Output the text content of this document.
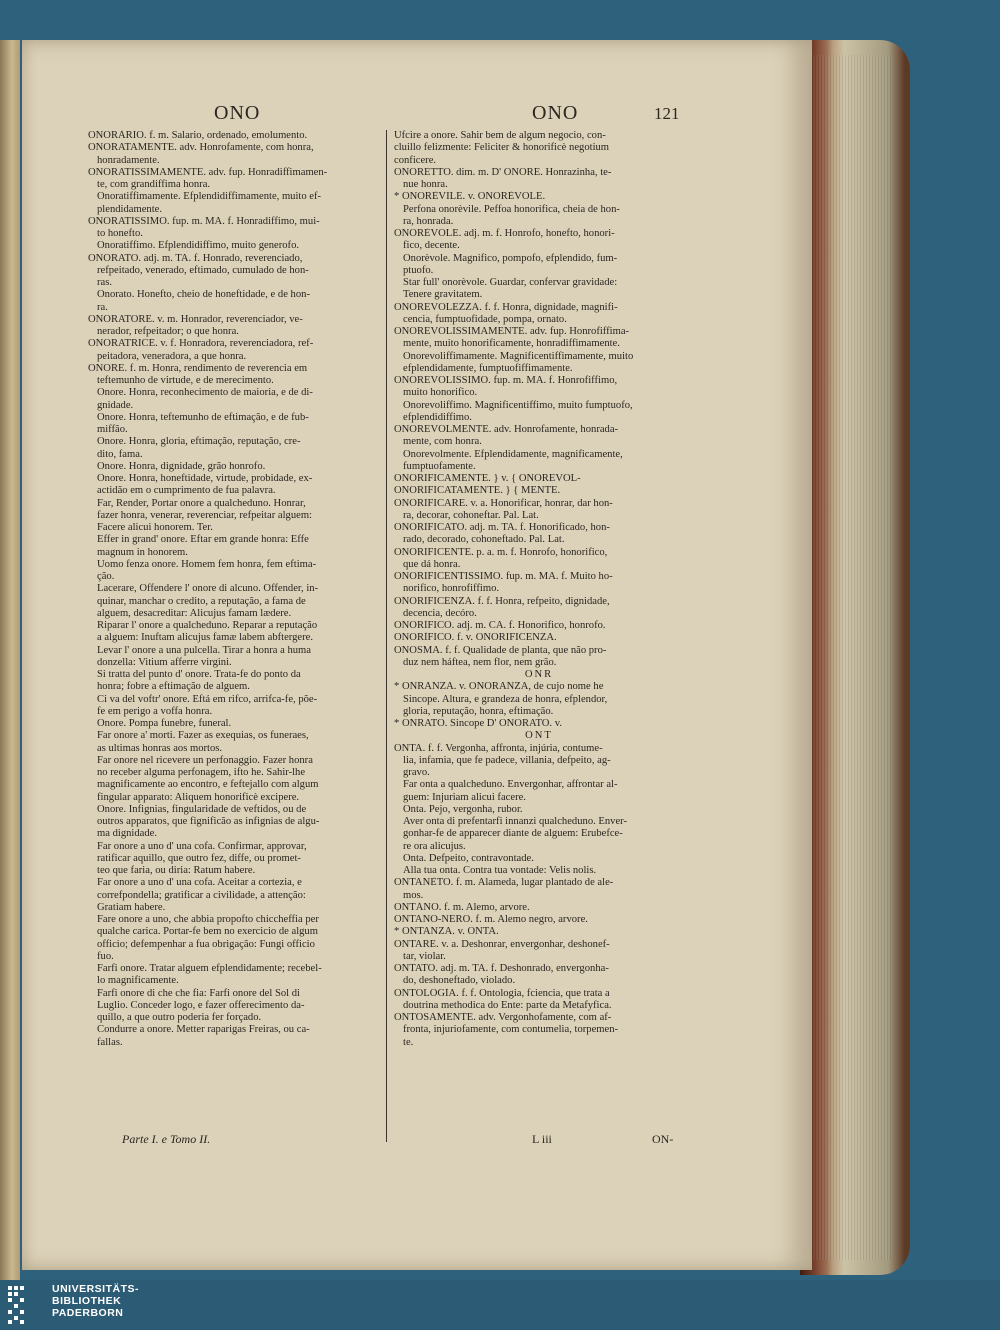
ONO	ONO	121
ONORÀRIO. f. m. Salario, ordenado, emolumento.
ONORATAMENTE. adv. Honrofamente, com honra,
honradamente.
ONORATISSIMAMENTE. adv. fup. Honradiffimamen-
te, com grandiffima honra.
Onoratiffimamente. Efplendidiffimamente, muito ef-
plendidamente.
ONORATISSIMO. fup. m. MA. f. Honradiffimo, mui-
to honefto.
Onoratiffimo. Efplendidiffimo, muito generofo.
ONORATO. adj. m. TA. f. Honrado, reverenciado,
refpeitado, venerado, eftimado, cumulado de hon-
ras.
Onorato. Honefto, cheio de honeftidade, e de hon-
ra.
ONORATORE. v. m. Honrador, reverenciador, ve-
nerador, refpeitador; o que honra.
ONORATRICE. v. f. Honradora, reverenciadora, ref-
peitadora, veneradora, a que honra.
ONORE. f. m. Honra, rendimento de reverencia em
teftemunho de virtude, e de merecimento.
Onore. Honra, reconhecimento de maioria, e de di-
gnidade.
Onore. Honra, teftemunho de eftimação, e de fub-
miffão.
Onore. Honra, gloria, eftimação, reputação, cre-
dito, fama.
Onore. Honra, dignidade, grão honrofo.
Onore. Honra, honeftidade, virtude, probidade, ex-
actidão em o cumprimento de fua palavra.
Far, Render, Portar onore a qualcheduno. Honrar,
fazer honra, venerar, reverenciar, refpeitar alguem:
Facere alicui honorem. Ter.
Effer in grand' onore. Eftar em grande honra: Effe
magnum in honorem.
Uomo fenza onore. Homem fem honra, fem eftima-
ção.
Lacerare, Offendere l' onore di alcuno. Offender, in-
quinar, manchar o credito, a reputação, a fama de
alguem, desacreditar: Alicujus famam lædere.
Riparar l' onore a qualcheduno. Reparar a reputação
a alguem: Inuftam alicujus famæ labem abftergere.
Levar l' onore a una pulcella. Tirar a honra a huma
donzella: Vitium afferre virgini.
Si tratta del punto d' onore. Trata-fe do ponto da
honra; fobre a eftimação de alguem.
Ci va del voftr' onore. Eftá em rifco, arrifca-fe, põe-
fe em perigo a voffa honra.
Onore. Pompa funebre, funeral.
Far onore a' morti. Fazer as exequias, os funeraes,
as ultimas honras aos mortos.
Far onore nel ricevere un perfonaggio. Fazer honra
no receber alguma perfonagem, ifto he. Sahir-lhe
magnificamente ao encontro, e feftejallo com algum
fingular apparato: Aliquem honorificè excipere.
Onore. Infignias, fingularidade de veftidos, ou de
outros apparatos, que fignificão as infignias de algu-
ma dignidade.
Far onore a uno d' una cofa. Confirmar, approvar,
ratificar aquillo, que outro fez, diffe, ou promet-
teo que faria, ou diria: Ratum habere.
Far onore a uno d' una cofa. Aceitar a cortezia, e
correfpondella; gratificar a civilidade, a attenção:
Gratiam habere.
Fare onore a uno, che abbia propofto chiccheffia per
qualche carica. Portar-fe bem no exercicio de algum
officio; defempenhar a fua obrigação: Fungi officio
fuo.
Farfi onore. Tratar alguem efplendidamente; recebel-
lo magnificamente.
Farfi onore di che che fia: Farfi onore del Sol di
Luglio. Conceder logo, e fazer offerecimento da-
quillo, a que outro poderia fer forçado.
Condurre a onore. Metter raparigas Freiras, ou ca-
fallas.
Ufcire a onore. Sahir bem de algum negocio, con-
cluillo felizmente: Feliciter & honorificè negotium
conficere.
ONORETTO. dim. m. D' ONORE. Honrazinha, te-
nue honra.
* ONORÈVILE. v. ONORÈVOLE.
Perfona onorèvile. Peffoa honorifica, cheia de hon-
ra, honrada.
ONORÈVOLE. adj. m. f. Honrofo, honefto, honori-
fico, decente.
Onorèvole. Magnifico, pompofo, efplendido, fum-
ptuofo.
Star full' onorèvole. Guardar, confervar gravidade:
Tenere gravitatem.
ONOREVOLEZZA. f. f. Honra, dignidade, magnifi-
cencia, fumptuofidade, pompa, ornato.
ONOREVOLISSIMAMENTE. adv. fup. Honrofiffima-
mente, muito honorificamente, honradiffimamente.
Onorevoliffimamente. Magnificentiffimamente, muito
efplendidamente, fumptuofiffimamente.
ONOREVOLISSIMO. fup. m. MA. f. Honrofiffimo,
muito honorifico.
Onorevoliffimo. Magnificentiffimo, muito fumptuofo,
efplendidiffimo.
ONOREVOLMENTE. adv. Honrofamente, honrada-
mente, com honra.
Onorevolmente. Efplendidamente, magnificamente,
fumptuofamente.
ONORIFICAMENTE. } v. { ONOREVOL-
ONORIFICATAMENTE. } { MENTE.
ONORIFICARE. v. a. Honorificar, honrar, dar hon-
ra, decorar, cohoneftar. Pal. Lat.
ONORIFICATO. adj. m. TA. f. Honorificado, hon-
rado, decorado, cohoneftado. Pal. Lat.
ONORIFICENTE. p. a. m. f. Honrofo, honorifico,
que dá honra.
ONORIFICENTISSIMO. fup. m. MA. f. Muito ho-
norifico, honrofiffimo.
ONORIFICENZA. f. f. Honra, refpeito, dignidade,
decencia, decóro.
ONORÌFICO. adj. m. CA. f. Honorifico, honrofo.
ONORÌFICO. f. v. ONORIFICENZA.
ONOSMA. f. f. Qualidade de planta, que não pro-
duz nem háftea, nem flor, nem grão.
ONR
* ONRANZA. v. ONORANZA, de cujo nome he
Sincope. Altura, e grandeza de honra, efplendor,
gloria, reputação, honra, eftimação.
* ONRATO. Sincope D' ONORATO. v.
ONT
ONTA. f. f. Vergonha, affronta, injúria, contume-
lia, infamia, que fe padece, villania, defpeito, ag-
gravo.
Far onta a qualcheduno. Envergonhar, affrontar al-
guem: Injuriam alicui facere.
Onta. Pejo, vergonha, rubor.
Aver onta di prefentarfi innanzi qualcheduno. Enver-
gonhar-fe de apparecer diante de alguem: Erubefce-
re ora alicujus.
Onta. Defpeito, contravontade.
Alla tua onta. Contra tua vontade: Velis nolis.
ONTANÈTO. f. m. Alameda, lugar plantado de ale-
mos.
ONTÀNO. f. m. Alemo, arvore.
ONTANO-NERO. f. m. Alemo negro, arvore.
* ONTANZA. v. ONTA.
ONTARE. v. a. Deshonrar, envergonhar, deshonef-
tar, violar.
ONTATO. adj. m. TA. f. Deshonrado, envergonha-
do, deshoneftado, violado.
ONTOLOGÌA. f. f. Ontologia, fciencia, que trata a
doutrina methodica do Ente: parte da Metafyfica.
ONTOSAMENTE. adv. Vergonhofamente, com af-
fronta, injuriofamente, com contumelia, torpemen-
te.
Parte I. e Tomo II.	L iii	ON-
UNIVERSITÄTS-
BIBLIOTHEK
PADERBORN
